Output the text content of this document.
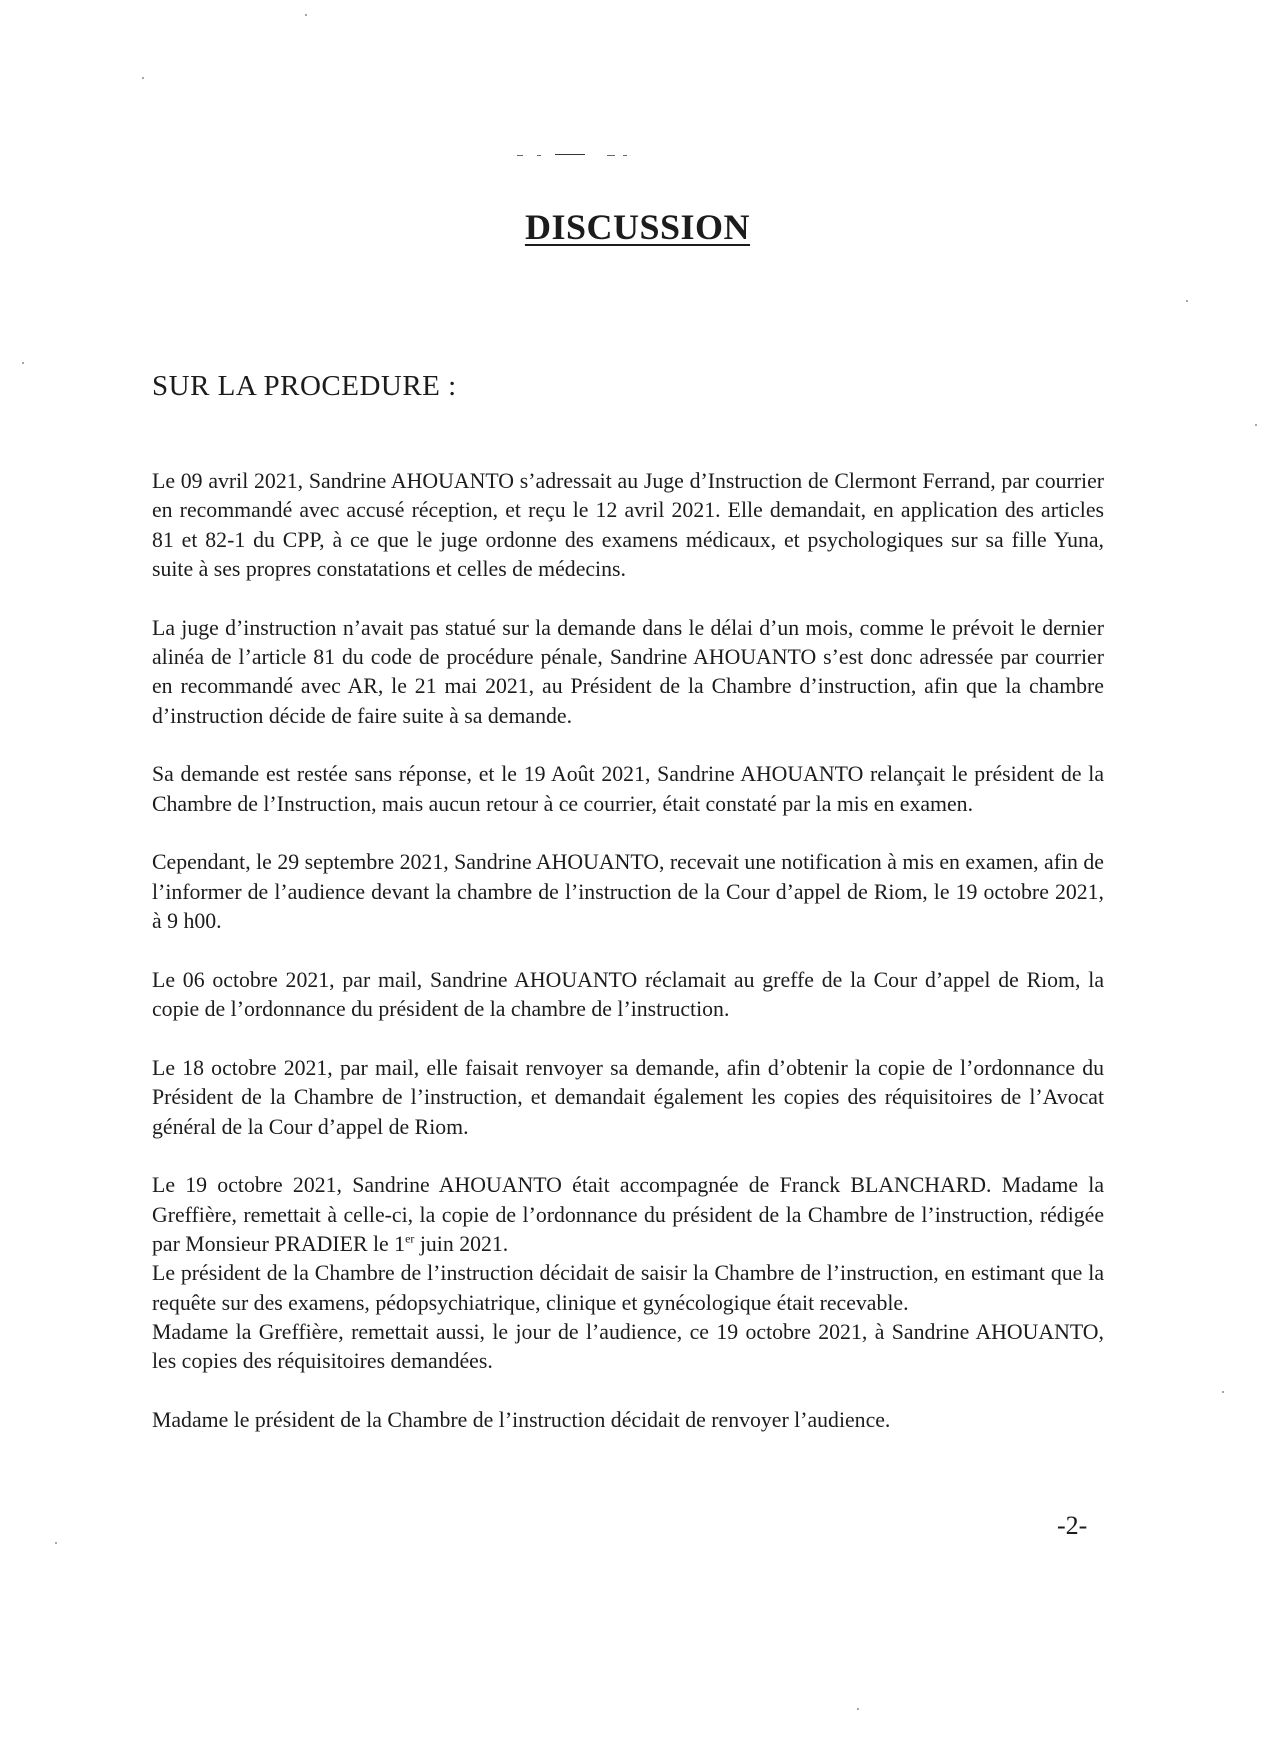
DISCUSSION
SUR LA PROCEDURE :

Le 09 avril 2021, Sandrine AHOUANTO s’adressait au Juge d’Instruction de Clermont Ferrand, par courrier en recommandé avec accusé réception, et reçu le 12 avril 2021. Elle demandait, en application des articles 81 et 82-1 du CPP, à ce que le juge ordonne des examens médicaux, et psychologiques sur sa fille Yuna, suite à ses propres constatations et celles de médecins.

La juge d’instruction n’avait pas statué sur la demande dans le délai d’un mois, comme le prévoit le dernier alinéa de l’article 81 du code de procédure pénale, Sandrine AHOUANTO s’est donc adressée par courrier en recommandé avec AR, le 21 mai 2021, au Président de la Chambre d’instruction, afin que la chambre d’instruction décide de faire suite à sa demande.

Sa demande est restée sans réponse, et le 19 Août 2021, Sandrine AHOUANTO relançait le président de la Chambre de l’Instruction, mais aucun retour à ce courrier, était constaté par la mis en examen.

Cependant, le 29 septembre 2021, Sandrine AHOUANTO, recevait une notification à mis en examen, afin de l’informer de l’audience devant la chambre de l’instruction de la Cour d’appel de Riom, le 19 octobre 2021, à 9 h00.

Le 06 octobre 2021, par mail, Sandrine AHOUANTO réclamait au greffe de la Cour d’appel de Riom, la copie de l’ordonnance du président de la chambre de l’instruction.

Le 18 octobre 2021, par mail, elle faisait renvoyer sa demande, afin d’obtenir la copie de l’ordonnance du Président de la Chambre de l’instruction, et demandait également les copies des réquisitoires de l’Avocat général de la Cour d’appel de Riom.

Le 19 octobre 2021, Sandrine AHOUANTO était accompagnée de Franck BLANCHARD. Madame la Greffière, remettait à celle-ci, la copie de l’ordonnance du président de la Chambre de l’instruction, rédigée par Monsieur PRADIER le 1er juin 2021.

Le président de la Chambre de l’instruction décidait de saisir la Chambre de l’instruction, en estimant que la requête sur des examens, pédopsychiatrique, clinique et gynécologique était recevable.

Madame la Greffière, remettait aussi, le jour de l’audience, ce 19 octobre 2021, à Sandrine AHOUANTO, les copies des réquisitoires demandées.

Madame le président de la Chambre de l’instruction décidait de renvoyer l’audience.

-2-
